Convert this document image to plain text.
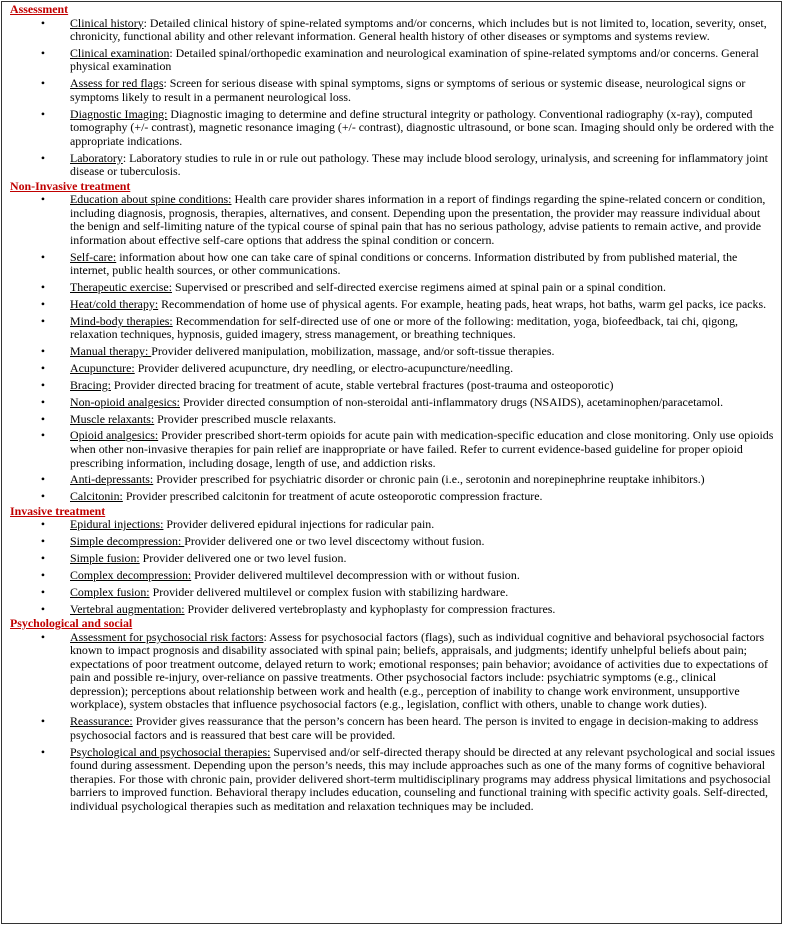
Assessment
•	Clinical history: Detailed clinical history of spine-related symptoms and/or concerns, which includes but is not limited to, location, severity, onset, chronicity, functional ability and other relevant information. General health history of other diseases or symptoms and systems review.
•	Clinical examination: Detailed spinal/orthopedic examination and neurological examination of spine-related symptoms and/or concerns. General physical examination
•	Assess for red flags: Screen for serious disease with spinal symptoms, signs or symptoms of serious or systemic disease, neurological signs or symptoms likely to result in a permanent neurological loss.
•	Diagnostic Imaging: Diagnostic imaging to determine and define structural integrity or pathology. Conventional radiography (x-ray), computed tomography (+/- contrast), magnetic resonance imaging (+/- contrast), diagnostic ultrasound, or bone scan. Imaging should only be ordered with the appropriate indications.
•	Laboratory: Laboratory studies to rule in or rule out pathology. These may include blood serology, urinalysis, and screening for inflammatory joint disease or tuberculosis.
Non-Invasive treatment
•	Education about spine conditions: Health care provider shares information in a report of findings regarding the spine-related concern or condition, including diagnosis, prognosis, therapies, alternatives, and consent. Depending upon the presentation, the provider may reassure individual about the benign and self-limiting nature of the typical course of spinal pain that has no serious pathology, advise patients to remain active, and provide information about effective self-care options that address the spinal condition or concern.
•	Self-care: information about how one can take care of spinal conditions or concerns. Information distributed by from published material, the internet, public health sources, or other communications.
•	Therapeutic exercise: Supervised or prescribed and self-directed exercise regimens aimed at spinal pain or a spinal condition.
•	Heat/cold therapy: Recommendation of home use of physical agents. For example, heating pads, heat wraps, hot baths, warm gel packs, ice packs.
•	Mind-body therapies: Recommendation for self-directed use of one or more of the following: meditation, yoga, biofeedback, tai chi, qigong, relaxation techniques, hypnosis, guided imagery, stress management, or breathing techniques.
•	Manual therapy: Provider delivered manipulation, mobilization, massage, and/or soft-tissue therapies.
•	Acupuncture: Provider delivered acupuncture, dry needling, or electro-acupuncture/needling.
•	Bracing: Provider directed bracing for treatment of acute, stable vertebral fractures (post-trauma and osteoporotic)
•	Non-opioid analgesics: Provider directed consumption of non-steroidal anti-inflammatory drugs (NSAIDS), acetaminophen/paracetamol.
•	Muscle relaxants: Provider prescribed muscle relaxants.
•	Opioid analgesics: Provider prescribed short-term opioids for acute pain with medication-specific education and close monitoring. Only use opioids when other non-invasive therapies for pain relief are inappropriate or have failed. Refer to current evidence-based guideline for proper opioid prescribing information, including dosage, length of use, and addiction risks.
•	Anti-depressants: Provider prescribed for psychiatric disorder or chronic pain (i.e., serotonin and norepinephrine reuptake inhibitors.)
•	Calcitonin: Provider prescribed calcitonin for treatment of acute osteoporotic compression fracture.
Invasive treatment
•	Epidural injections: Provider delivered epidural injections for radicular pain.
•	Simple decompression: Provider delivered one or two level discectomy without fusion.
•	Simple fusion: Provider delivered one or two level fusion.
•	Complex decompression: Provider delivered multilevel decompression with or without fusion.
•	Complex fusion: Provider delivered multilevel or complex fusion with stabilizing hardware.
•	Vertebral augmentation: Provider delivered vertebroplasty and kyphoplasty for compression fractures.
Psychological and social
•	Assessment for psychosocial risk factors: Assess for psychosocial factors (flags), such as individual cognitive and behavioral psychosocial factors known to impact prognosis and disability associated with spinal pain; beliefs, appraisals, and judgments; identify unhelpful beliefs about pain; expectations of poor treatment outcome, delayed return to work; emotional responses; pain behavior; avoidance of activities due to expectations of pain and possible re-injury, over-reliance on passive treatments. Other psychosocial factors include: psychiatric symptoms (e.g., clinical depression); perceptions about relationship between work and health (e.g., perception of inability to change work environment, unsupportive workplace), system obstacles that influence psychosocial factors (e.g., legislation, conflict with others, unable to change work duties).
•	Reassurance: Provider gives reassurance that the person’s concern has been heard. The person is invited to engage in decision-making to address psychosocial factors and is reassured that best care will be provided.
•	Psychological and psychosocial therapies: Supervised and/or self-directed therapy should be directed at any relevant psychological and social issues found during assessment. Depending upon the person’s needs, this may include approaches such as one of the many forms of cognitive behavioral therapies. For those with chronic pain, provider delivered short-term multidisciplinary programs may address physical limitations and psychosocial barriers to improved function. Behavioral therapy includes education, counseling and functional training with specific activity goals. Self-directed, individual psychological therapies such as meditation and relaxation techniques may be included.
